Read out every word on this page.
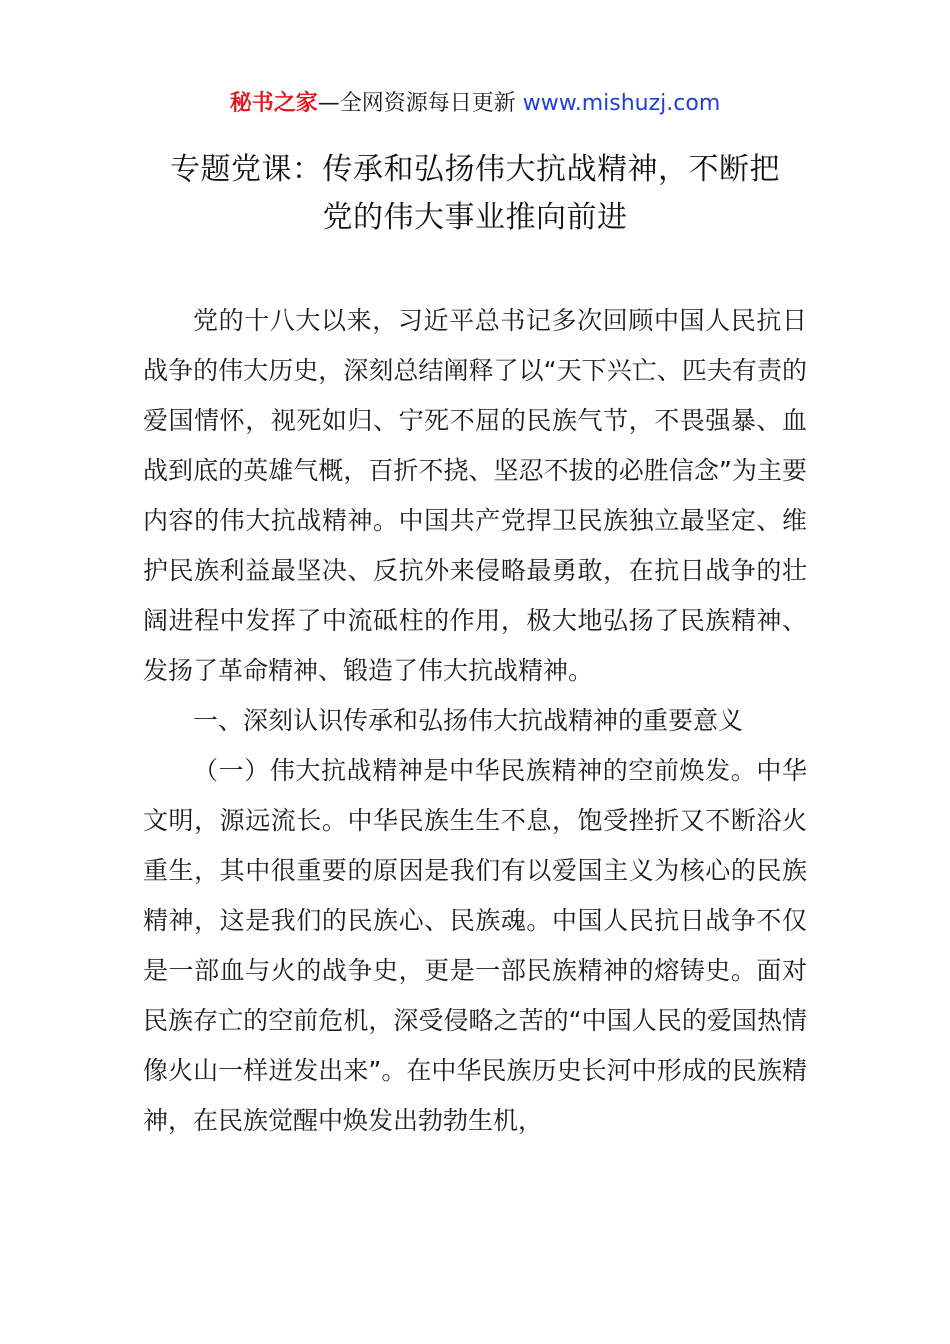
秘书之家—全网资源每日更新 www.mishuzj.com
专题党课：传承和弘扬伟大抗战精神，不断把
党的伟大事业推向前进

党的十八大以来，习近平总书记多次回顾中国人民抗日战争的伟大历史，深刻总结阐释了以“天下兴亡、匹夫有责的爱国情怀，视死如归、宁死不屈的民族气节，不畏强暴、血战到底的英雄气概，百折不挠、坚忍不拔的必胜信念”为主要内容的伟大抗战精神。中国共产党捍卫民族独立最坚定、维护民族利益最坚决、反抗外来侵略最勇敢，在抗日战争的壮阔进程中发挥了中流砥柱的作用，极大地弘扬了民族精神、发扬了革命精神、锻造了伟大抗战精神。

一、深刻认识传承和弘扬伟大抗战精神的重要意义

（一）伟大抗战精神是中华民族精神的空前焕发。中华文明，源远流长。中华民族生生不息，饱受挫折又不断浴火重生，其中很重要的原因是我们有以爱国主义为核心的民族精神，这是我们的民族心、民族魂。中国人民抗日战争不仅是一部血与火的战争史，更是一部民族精神的熔铸史。面对民族存亡的空前危机，深受侵略之苦的“中国人民的爱国热情像火山一样迸发出来”。在中华民族历史长河中形成的民族精神，在民族觉醒中焕发出勃勃生机，
